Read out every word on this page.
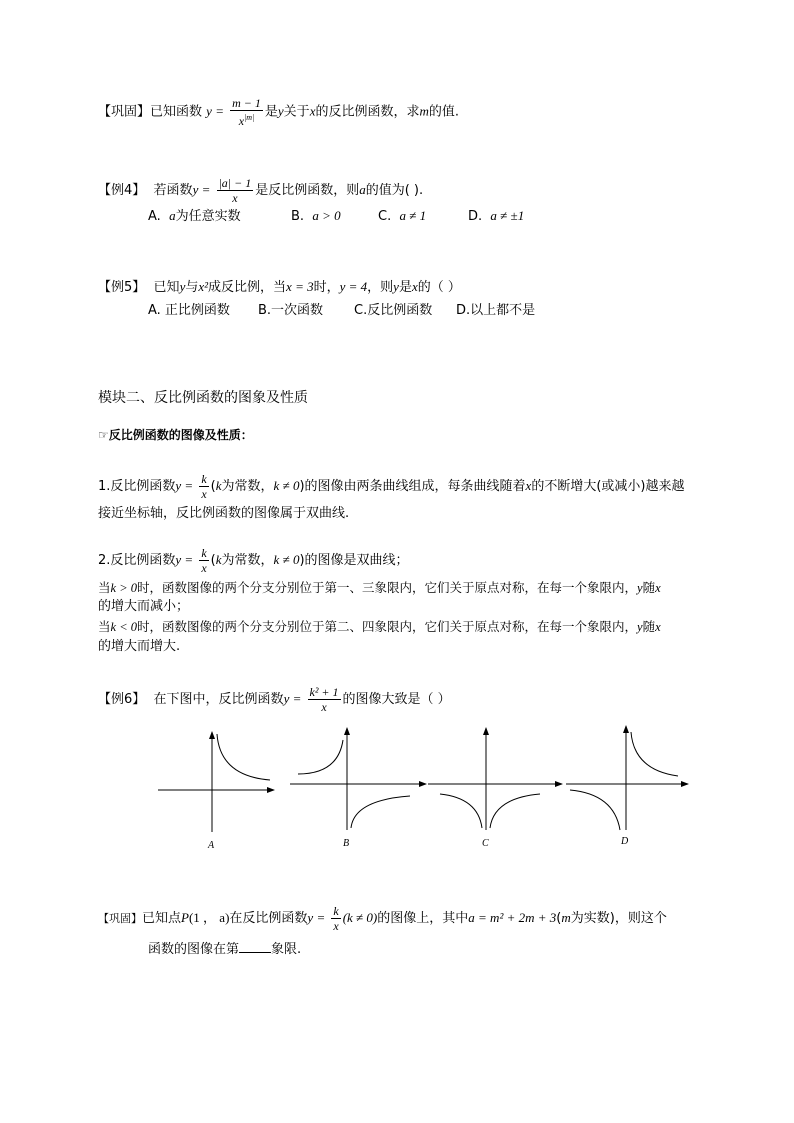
【巩固】已知函数 $y = \frac{m - 1}{x^{|m|}}$ 是y关于x的反比例函数，求m的值.
【例4】 若函数$y = \frac{|a| - 1}{x}$ 是反比例函数，则a的值为( ).
A. a为任意实数	B. a > 0	C. a ≠ 1	D. a ≠ ±1
【例5】 已知y与x²成反比例，当x = 3时，y = 4，则y是x的（ ）
A. 正比例函数 B.一次函数 C.反比例函数 D.以上都不是
模块二、反比例函数的图象及性质
☞反比例函数的图像及性质：
1.反比例函数$y = \frac{k}{x} (k$为常数，k ≠ 0)的图像由两条曲线组成，每条曲线随着x的不断增大(或减小)越来越
接近坐标轴，反比例函数的图像属于双曲线.
2.反比例函数$y = \frac{k}{x} (k$为常数，k ≠ 0)的图像是双曲线；
当k > 0时，函数图像的两个分支分别位于第一、三象限内，它们关于原点对称，在每一个象限内，y随x
的增大而减小；
当k < 0时，函数图像的两个分支分别位于第二、四象限内，它们关于原点对称，在每一个象限内，y随x
的增大而增大.
【例6】 在下图中，反比例函数$y = \frac{\text{k² + 1}}{x}$ 的图像大致是（ ）
A	B	C	D
【巩固】已知点P(1 ， a)在反比例函数$y = \frac{k}{x} (k \ne 0)$的图像上，其中a = m² + 2m + 3(m为实数)，则这个
函数的图像在第 象限.
